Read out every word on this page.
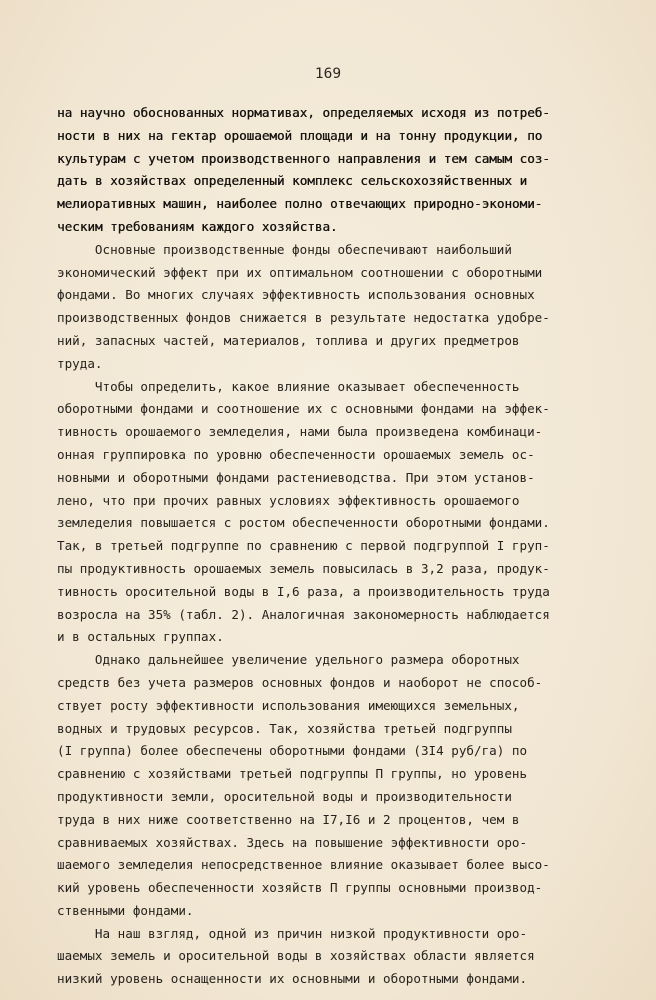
169
на научно обоснованных нормативах, определяемых исходя из потреб-
ности в них на гектар орошаемой площади и на тонну продукции, по
культурам с учетом производственного направления и тем самым соз-
дать в хозяйствах определенный комплекс сельскохозяйственных и
мелиоративных машин, наиболее полно отвечающих природно-экономи-
ческим требованиям каждого хозяйства.
Основные производственные фонды обеспечивают наибольший
экономический эффект при их оптимальном соотношении с оборотными
фондами. Во многих случаях эффективность использования основных
производственных фондов снижается в результате недостатка удобре-
ний, запасных частей, материалов, топлива и других предметров
труда.
Чтобы определить, какое влияние оказывает обеспеченность
оборотными фондами и соотношение их с основными фондами на эффек-
тивность орошаемого земледелия, нами была произведена комбинаци-
онная группировка по уровню обеспеченности орошаемых земель ос-
новными и оборотными фондами растениеводства. При этом установ-
лено, что при прочих равных условиях эффективность орошаемого
земледелия повышается с ростом обеспеченности оборотными фондами.
Так, в третьей подгруппе по сравнению с первой подгруппой I груп-
пы продуктивность орошаемых земель повысилась в 3,2 раза, продук-
тивность оросительной воды в I,6 раза, а производительность труда
возросла на 35% (табл. 2). Аналогичная закономерность наблюдается
и в остальных группах.
Однако дальнейшее увеличение удельного размера оборотных
средств без учета размеров основных фондов и наоборот не способ-
ствует росту эффективности использования имеющихся земельных,
водных и трудовых ресурсов. Так, хозяйства третьей подгруппы
(I группа) более обеспечены оборотными фондами (3I4 руб/га) по
сравнению с хозяйствами третьей подгруппы П группы, но уровень
продуктивности земли, оросительной воды и производительности
труда в них ниже соответственно на I7,I6 и 2 процентов, чем в
сравниваемых хозяйствах. Здесь на повышение эффективности оро-
шаемого земледелия непосредственное влияние оказывает более высо-
кий уровень обеспеченности хозяйств П группы основными производ-
ственными фондами.
На наш взгляд, одной из причин низкой продуктивности оро-
шаемых земель и оросительной воды в хозяйствах области является
низкий уровень оснащенности их основными и оборотными фондами.
